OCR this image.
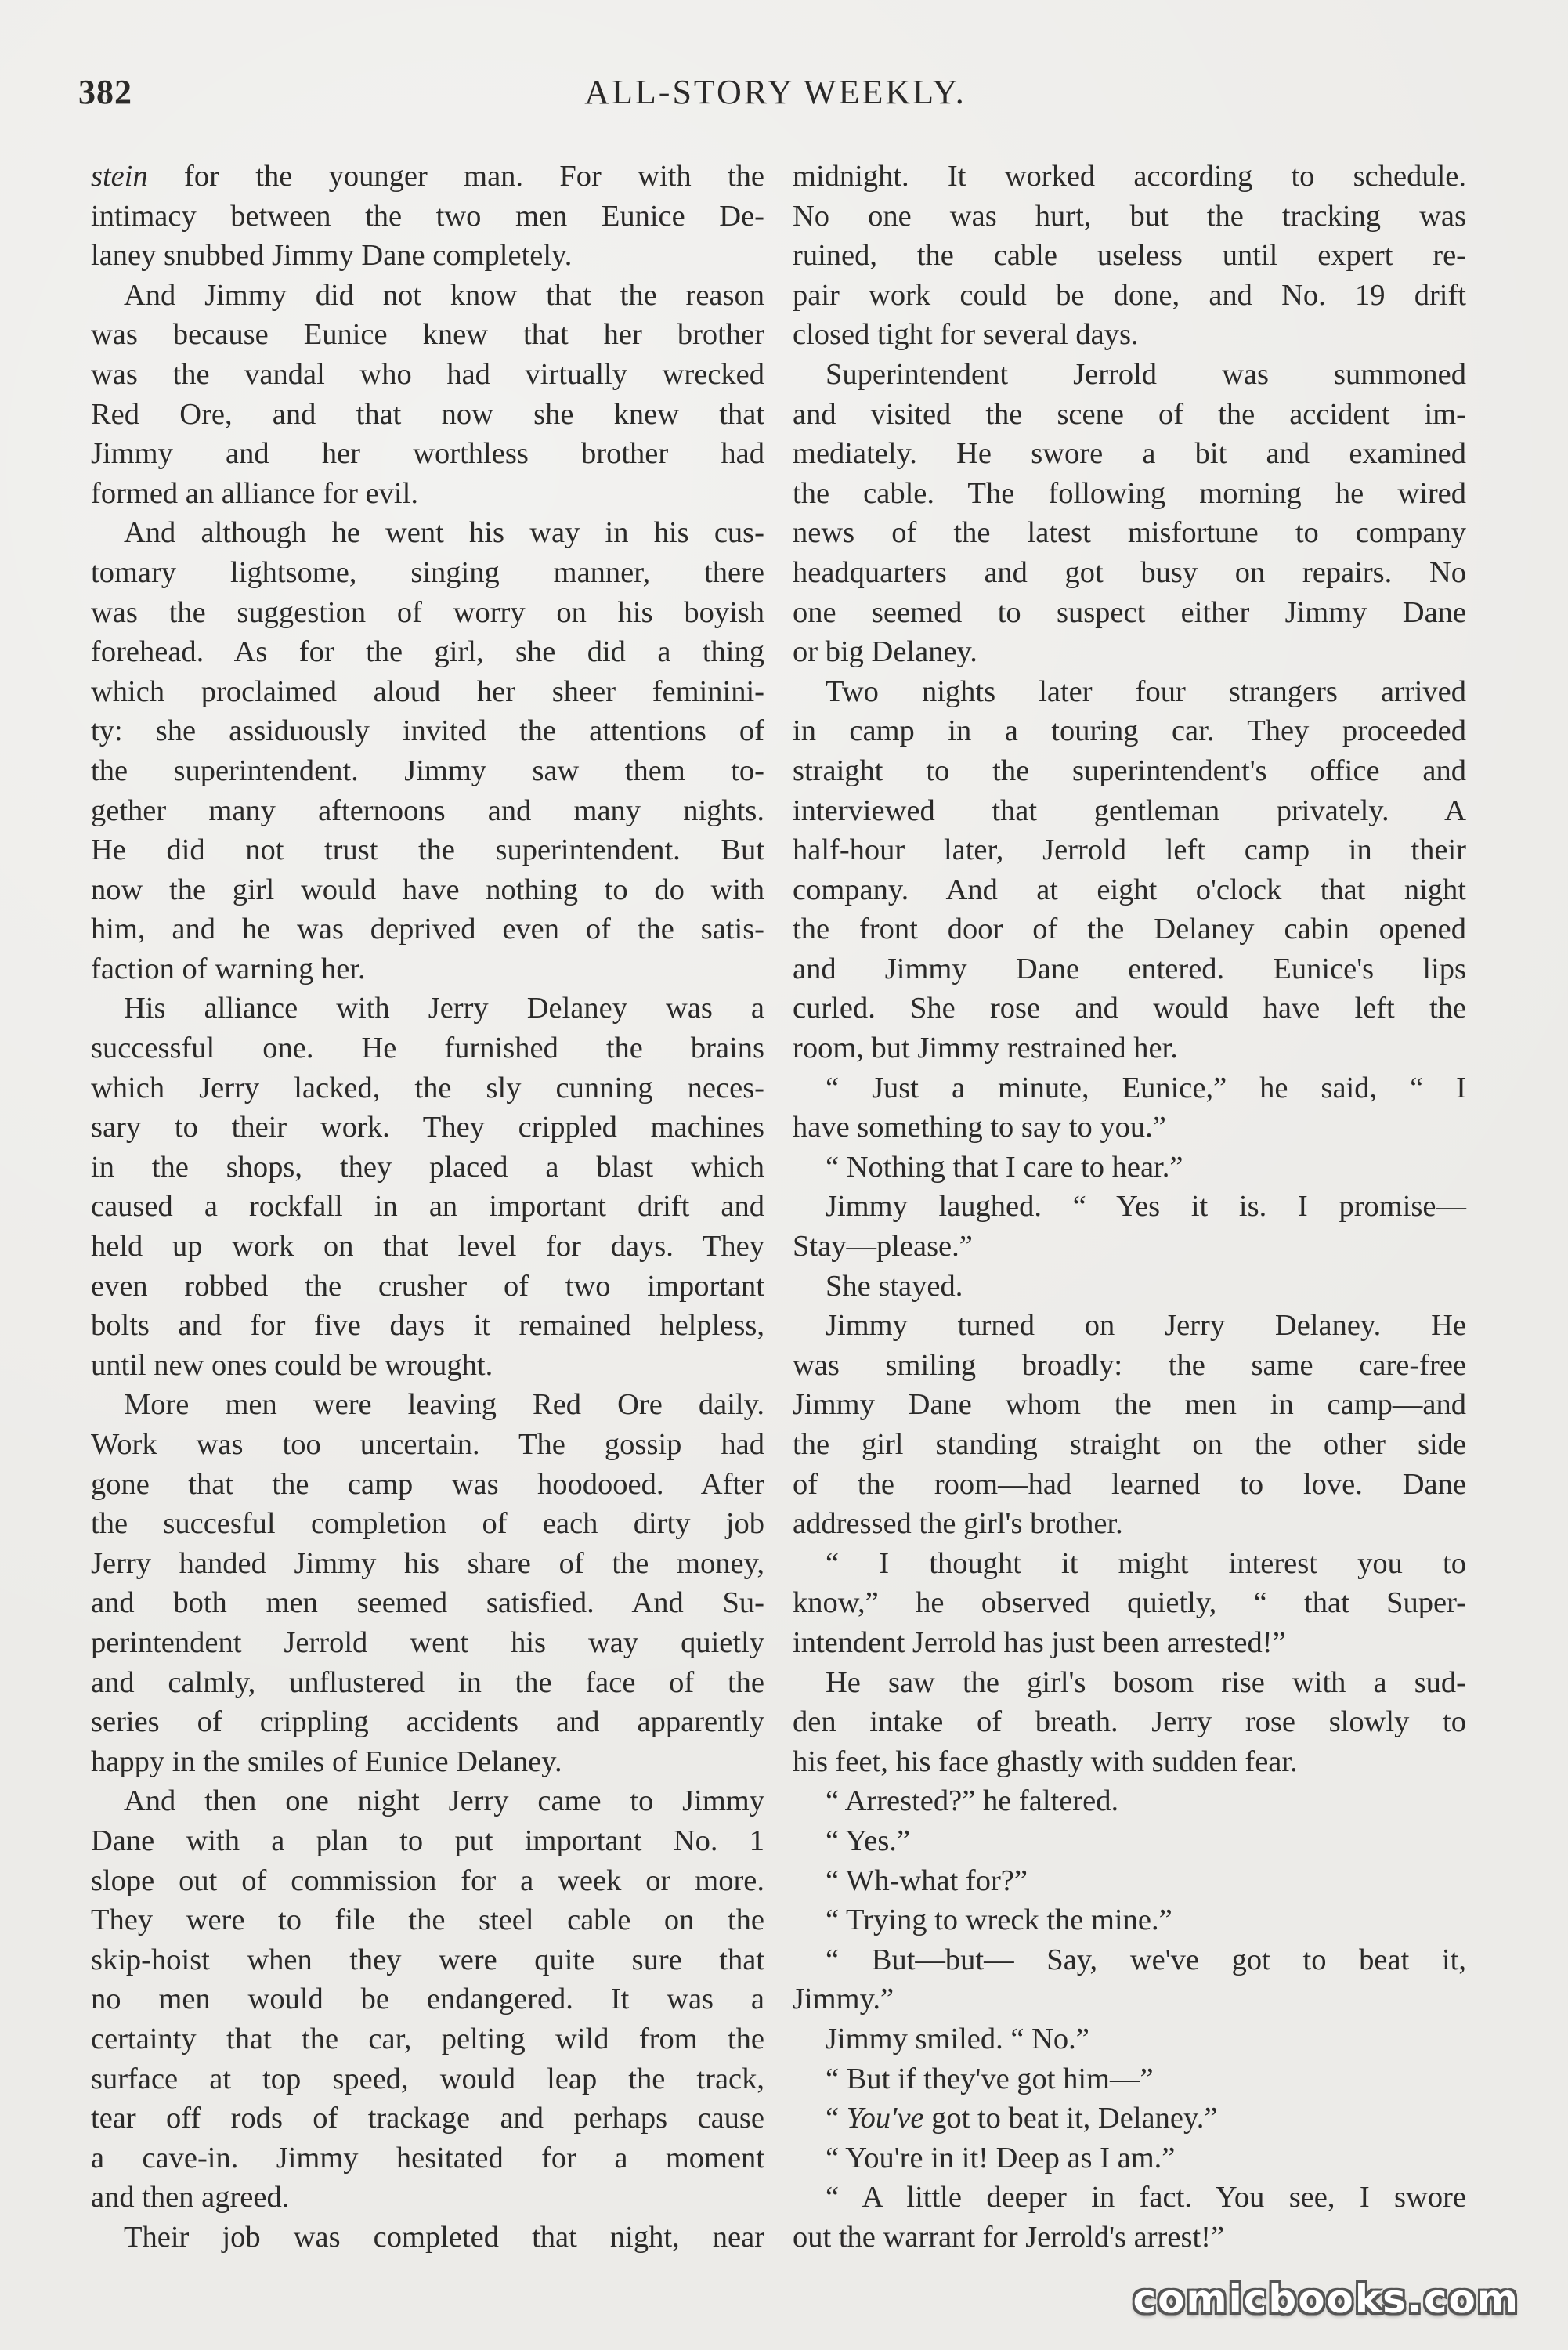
382	ALL-STORY WEEKLY.
stein for the younger man. For with the
intimacy between the two men Eunice De-
laney snubbed Jimmy Dane completely.
And Jimmy did not know that the reason
was because Eunice knew that her brother
was the vandal who had virtually wrecked
Red Ore, and that now she knew that
Jimmy and her worthless brother had
formed an alliance for evil.
And although he went his way in his cus-
tomary lightsome, singing manner, there
was the suggestion of worry on his boyish
forehead. As for the girl, she did a thing
which proclaimed aloud her sheer feminini-
ty: she assiduously invited the attentions of
the superintendent. Jimmy saw them to-
gether many afternoons and many nights.
He did not trust the superintendent. But
now the girl would have nothing to do with
him, and he was deprived even of the satis-
faction of warning her.
His alliance with Jerry Delaney was a
successful one. He furnished the brains
which Jerry lacked, the sly cunning neces-
sary to their work. They crippled machines
in the shops, they placed a blast which
caused a rockfall in an important drift and
held up work on that level for days. They
even robbed the crusher of two important
bolts and for five days it remained helpless,
until new ones could be wrought.
More men were leaving Red Ore daily.
Work was too uncertain. The gossip had
gone that the camp was hoodooed. After
the succesful completion of each dirty job
Jerry handed Jimmy his share of the money,
and both men seemed satisfied. And Su-
perintendent Jerrold went his way quietly
and calmly, unflustered in the face of the
series of crippling accidents and apparently
happy in the smiles of Eunice Delaney.
And then one night Jerry came to Jimmy
Dane with a plan to put important No. 1
slope out of commission for a week or more.
They were to file the steel cable on the
skip-hoist when they were quite sure that
no men would be endangered. It was a
certainty that the car, pelting wild from the
surface at top speed, would leap the track,
tear off rods of trackage and perhaps cause
a cave-in. Jimmy hesitated for a moment
and then agreed.
Their job was completed that night, near
midnight. It worked according to schedule.
No one was hurt, but the tracking was
ruined, the cable useless until expert re-
pair work could be done, and No. 19 drift
closed tight for several days.
Superintendent Jerrold was summoned
and visited the scene of the accident im-
mediately. He swore a bit and examined
the cable. The following morning he wired
news of the latest misfortune to company
headquarters and got busy on repairs. No
one seemed to suspect either Jimmy Dane
or big Delaney.
Two nights later four strangers arrived
in camp in a touring car. They proceeded
straight to the superintendent's office and
interviewed that gentleman privately. A
half-hour later, Jerrold left camp in their
company. And at eight o'clock that night
the front door of the Delaney cabin opened
and Jimmy Dane entered. Eunice's lips
curled. She rose and would have left the
room, but Jimmy restrained her.
“ Just a minute, Eunice,” he said, “ I
have something to say to you.”
“ Nothing that I care to hear.”
Jimmy laughed. “ Yes it is. I promise—
Stay—please.”
She stayed.
Jimmy turned on Jerry Delaney. He
was smiling broadly: the same care-free
Jimmy Dane whom the men in camp—and
the girl standing straight on the other side
of the room—had learned to love. Dane
addressed the girl's brother.
“ I thought it might interest you to
know,” he observed quietly, “ that Super-
intendent Jerrold has just been arrested!”
He saw the girl's bosom rise with a sud-
den intake of breath. Jerry rose slowly to
his feet, his face ghastly with sudden fear.
“ Arrested?” he faltered.
“ Yes.”
“ Wh-what for?”
“ Trying to wreck the mine.”
“ But—but— Say, we've got to beat it,
Jimmy.”
Jimmy smiled. “ No.”
“ But if they've got him—”
“ You've got to beat it, Delaney.”
“ You're in it! Deep as I am.”
“ A little deeper in fact. You see, I swore
out the warrant for Jerrold's arrest!”
comicbooks.com
